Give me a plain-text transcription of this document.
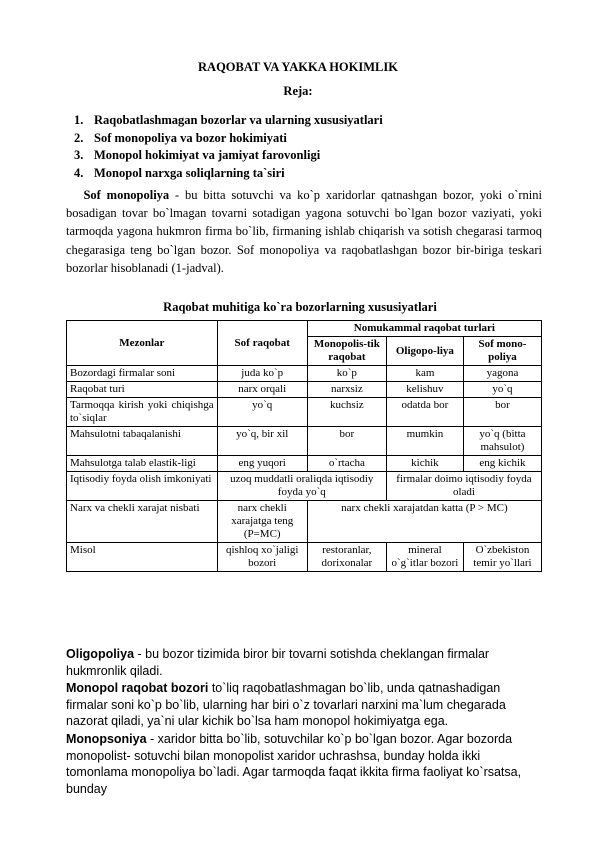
RAQOBAT VA YAKKA HOKIMLIK
Reja:
1. Raqobatlashmagan bozorlar va ularning xususiyatlari
2. Sof monopoliya va bozor hokimiyati
3. Monopol hokimiyat va jamiyat farovonligi
4. Monopol narxga soliqlarning ta`siri
Sof monopoliya - bu bitta sotuvchi va ko`p xaridorlar qatnashgan bozor, yoki o`rnini bosadigan tovar bo`lmagan tovarni sotadigan yagona sotuvchi bo`lgan bozor vaziyati, yoki tarmoqda yagona hukmron firma bo`lib, firmaning ishlab chiqarish va sotish chegarasi tarmoq chegarasiga teng bo`lgan bozor. Sof monopoliya va raqobatlashgan bozor bir-biriga teskari bozorlar hisoblanadi (1-jadval).
Raqobat muhitiga ko`ra bozorlarning xususiyatlari
Mezonlar	Sof raqobat	Nomukammal raqobat turlari		
		Monopolis-tik raqobat	Oligopo-liya	Sof mono-poliya
Bozordagi firmalar soni	juda ko`p	ko`p	kam	yagona
Raqobat turi	narx orqali	narxsiz	kelishuv	yo`q
Tarmoqqa kirish yoki chiqishga to`siqlar	yo`q	kuchsiz	odatda bor	bor
Mahsulotni tabaqalanishi	yo`q, bir xil	bor	mumkin	yo`q (bitta mahsulot)
Mahsulotga talab elastik-ligi	eng yuqori	o`rtacha	kichik	eng kichik
Iqtisodiy foyda olish imkoniyati	uzoq muddatli oraliqda iqtisodiy foyda yo`q		firmalar doimo iqtisodiy foyda oladi	
Narx va chekli xarajat nisbati	narx chekli xarajatga teng (P=MC)	narx chekli xarajatdan katta (P > MC)		
Misol	qishloq xo`jaligi bozori	restoranlar, dorixonalar	mineral o`g`itlar bozori	O`zbekiston temir yo`llari
Oligopoliya - bu bozor tizimida biror bir tovarni sotishda cheklangan firmalar hukmronlik qiladi.
Monopol raqobat bozori to`liq raqobatlashmagan bo`lib, unda qatnashadigan firmalar soni ko`p bo`lib, ularning har biri o`z tovarlari narxini ma`lum chegarada nazorat qiladi, ya`ni ular kichik bo`lsa ham monopol hokimiyatga ega.
Monopsoniya - xaridor bitta bo`lib, sotuvchilar ko`p bo`lgan bozor. Agar bozorda monopolist- sotuvchi bilan monopolist xaridor uchrashsa, bunday holda ikki tomonlama monopoliya bo`ladi. Agar tarmoqda faqat ikkita firma faoliyat ko`rsatsa, bunday
